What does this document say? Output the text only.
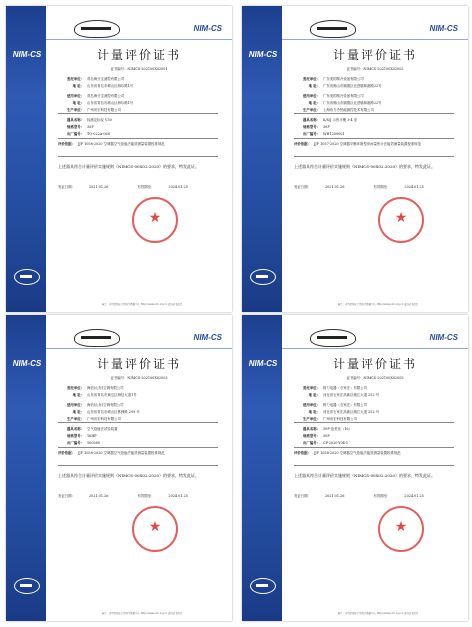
NIM-CS
NIM-CS
计量评价证书
证书编号：NIMCS-202100X02001
委托单位： 青岛海分宝测控有限公司
地 址： 山东省青岛市崂山区海尔路1号
使用单位： 青岛海分宝测控有限公司
地 址： 山东省青岛市崂山区海尔路1号
生产单位： 广州讯宏科技有限公司
器具名称： 检测定标仪 V30
规格型号： 30P
出厂编号： TQ-022A-068
评价依据： JJF 1058-2020 空调器空气焓值法能效测量装置校准规范
上述器具符合计量评价实施规则（NIMCS-00X02:2020）的要求，特发此证。
发证日期：	2021.01.26	有效期至：	2024.01.25
★
备注：可登录国家计量科学数据中心 http://www.nim.org.cn 查询证书信息
NIM-CS
NIM-CS
计量评价证书
证书编号：NIMCS-202100X02002
委托单位： 广东美的制冷设备有限公司
地 址： 广东省佛山市顺德区北滘镇林港路22号
使用单位： 广东美的制冷设备有限公司
地 址： 广东省佛山市顺德区北滘镇林港路22号
生产单位： 上海协力冷热能测控技术有限公司
器具名称： K/S/J 示热平衡 3-4 室
规格型号： 30P
出厂编号： WH1200001
评价依据： JJF 1057-2020 空调器平衡环境型房间量热计法能效测量装置校准规范
上述器具符合计量评价实施规则（NIMCS-00X02:2020）的要求，特发此证。
发证日期：	2021.01.26	有效期至：	2024.01.25
★
备注：可登录国家计量科学数据中心 http://www.nim.org.cn 查询证书信息
NIM-CS
NIM-CS
计量评价证书
证书编号：NIMCS-202100X02003
委托单位： 海信(山东)空调有限公司
地 址： 山东省青岛市黄岛区海信大道1号
使用单位： 海信(山东)空调有限公司
地 址： 山东省青岛市崂山区株洲路 299 号
生产单位： 广州讯宏科技有限公司
器具名称： 空气焓值法试验装置
规格型号： 16HP
出厂编号： 100580
评价依据： JJF 1058-2020 空调器空气焓值法能效测量装置校准规范
上述器具符合计量评价实施规则（NIMCS-00X02:2020）的要求，特发此证。
发证日期：	2021.01.26	有效期至：	2024.01.25
★
备注：可登录国家计量科学数据中心 http://www.nim.org.cn 查询证书信息
NIM-CS
NIM-CS
计量评价证书
证书编号：NIMCS-202100X02005
委托单位： 格力电器（石家庄）有限公司
地 址： 河北省石家庄高新区湘江大道 252 号
使用单位： 格力电器（石家庄）有限公司
地 址： 河北省石家庄高新区湘江大道 252 号
生产单位： 广州讯宏科技有限公司
器具名称： 30P 焓差室（16）
规格型号： 30P
出厂编号： CP-2020-Y04-1
评价依据： JJF 1058-2020 空调器空气焓值法能效测量装置校准规范
上述器具符合计量评价实施规则（NIMCS-00X02:2020）的要求，特发此证。
发证日期：	2021.01.26	有效期至：	2024.01.25
★
备注：可登录国家计量科学数据中心 http://www.nim.org.cn 查询证书信息
